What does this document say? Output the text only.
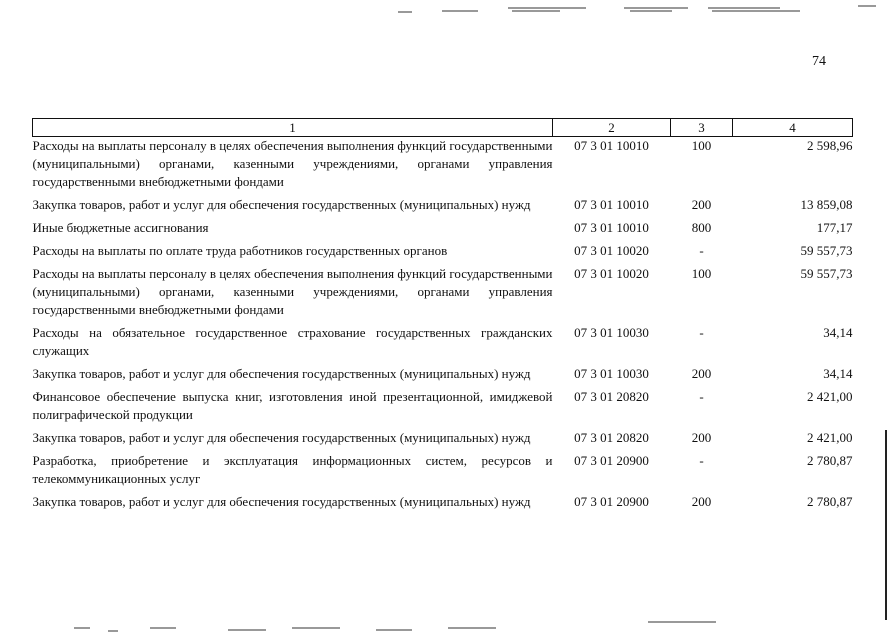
74
1	2	3	4
Расходы на выплаты персоналу в целях обеспечения выполнения функций государственными (муниципальными) органами, казенными учреждениями, органами управления государственными внебюджетными фондами	07 3 01 10010	100	2 598,96
Закупка товаров, работ и услуг для обеспечения государственных (муниципальных) нужд	07 3 01 10010	200	13 859,08
Иные бюджетные ассигнования	07 3 01 10010	800	177,17
Расходы на выплаты по оплате труда работников государственных органов	07 3 01 10020	-	59 557,73
Расходы на выплаты персоналу в целях обеспечения выполнения функций государственными (муниципальными) органами, казенными учреждениями, органами управления государственными внебюджетными фондами	07 3 01 10020	100	59 557,73
Расходы на обязательное государственное страхование государственных гражданских служащих	07 3 01 10030	-	34,14
Закупка товаров, работ и услуг для обеспечения государственных (муниципальных) нужд	07 3 01 10030	200	34,14
Финансовое обеспечение выпуска книг, изготовления иной презентационной, имиджевой полиграфической продукции	07 3 01 20820	-	2 421,00
Закупка товаров, работ и услуг для обеспечения государственных (муниципальных) нужд	07 3 01 20820	200	2 421,00
Разработка, приобретение и эксплуатация информационных систем, ресурсов и телекоммуникационных услуг	07 3 01 20900	-	2 780,87
Закупка товаров, работ и услуг для обеспечения государственных (муниципальных) нужд	07 3 01 20900	200	2 780,87
